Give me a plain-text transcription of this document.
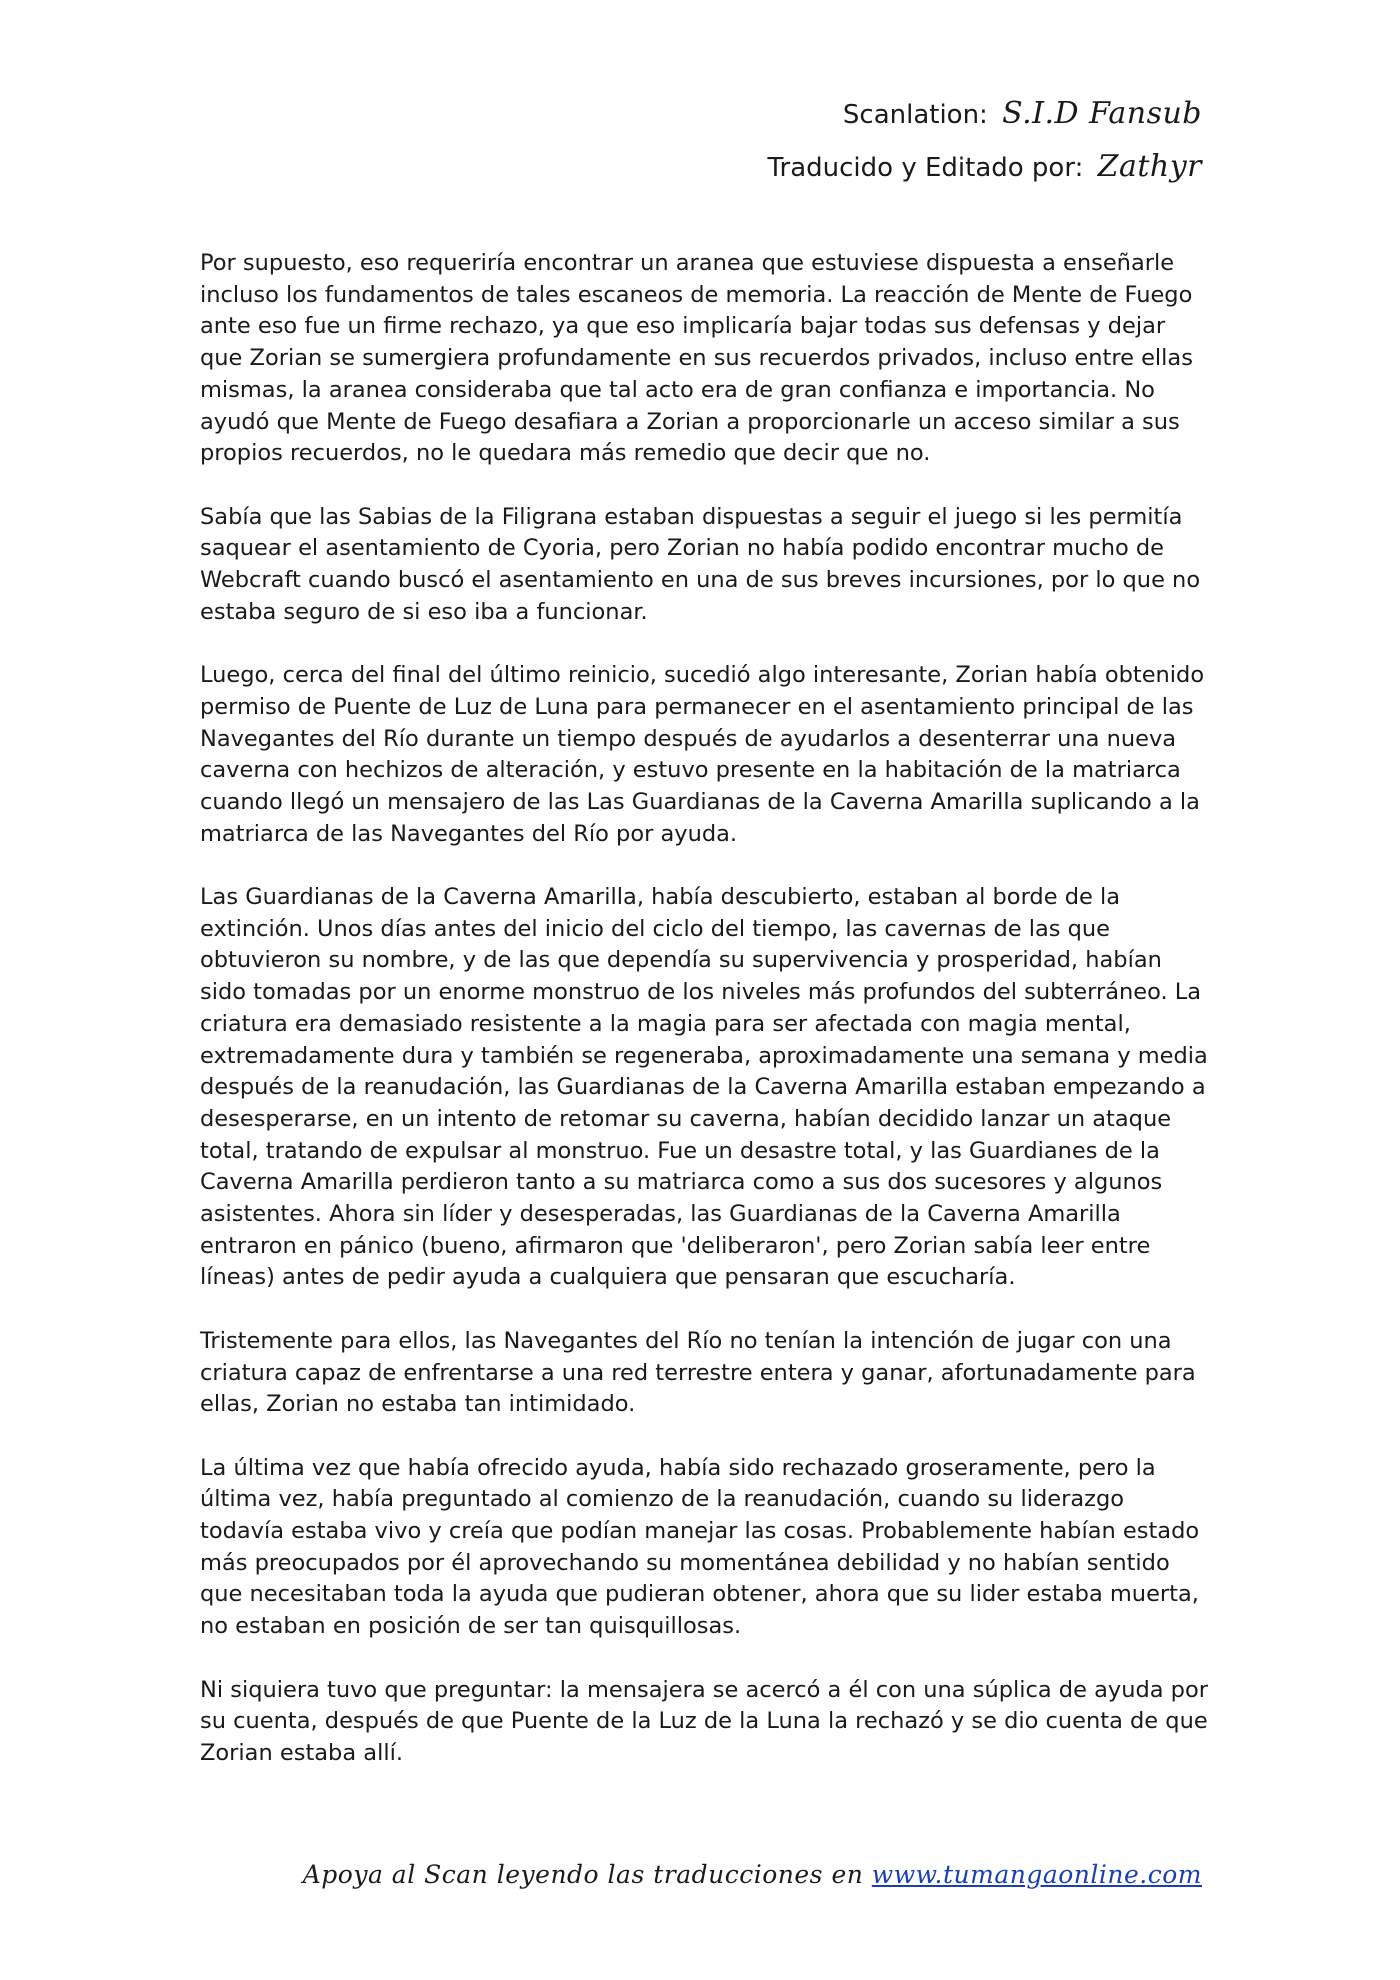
Scanlation: S.I.D Fansub
Traducido y Editado por: Zathyr

Por supuesto, eso requeriría encontrar un aranea que estuviese dispuesta a enseñarle incluso los fundamentos de tales escaneos de memoria. La reacción de Mente de Fuego ante eso fue un firme rechazo, ya que eso implicaría bajar todas sus defensas y dejar que Zorian se sumergiera profundamente en sus recuerdos privados, incluso entre ellas mismas, la aranea consideraba que tal acto era de gran confianza e importancia. No ayudó que Mente de Fuego desafiara a Zorian a proporcionarle un acceso similar a sus propios recuerdos, no le quedara más remedio que decir que no.

Sabía que las Sabias de la Filigrana estaban dispuestas a seguir el juego si les permitía saquear el asentamiento de Cyoria, pero Zorian no había podido encontrar mucho de Webcraft cuando buscó el asentamiento en una de sus breves incursiones, por lo que no estaba seguro de si eso iba a funcionar.

Luego, cerca del final del último reinicio, sucedió algo interesante, Zorian había obtenido permiso de Puente de Luz de Luna para permanecer en el asentamiento principal de las Navegantes del Río durante un tiempo después de ayudarlos a desenterrar una nueva caverna con hechizos de alteración, y estuvo presente en la habitación de la matriarca cuando llegó un mensajero de las Las Guardianas de la Caverna Amarilla suplicando a la matriarca de las Navegantes del Río por ayuda.

Las Guardianas de la Caverna Amarilla, había descubierto, estaban al borde de la extinción. Unos días antes del inicio del ciclo del tiempo, las cavernas de las que obtuvieron su nombre, y de las que dependía su supervivencia y prosperidad, habían sido tomadas por un enorme monstruo de los niveles más profundos del subterráneo. La criatura era demasiado resistente a la magia para ser afectada con magia mental, extremadamente dura y también se regeneraba, aproximadamente una semana y media después de la reanudación, las Guardianas de la Caverna Amarilla estaban empezando a desesperarse, en un intento de retomar su caverna, habían decidido lanzar un ataque total, tratando de expulsar al monstruo. Fue un desastre total, y las Guardianes de la Caverna Amarilla perdieron tanto a su matriarca como a sus dos sucesores y algunos asistentes. Ahora sin líder y desesperadas, las Guardianas de la Caverna Amarilla entraron en pánico (bueno, afirmaron que 'deliberaron', pero Zorian sabía leer entre líneas) antes de pedir ayuda a cualquiera que pensaran que escucharía.

Tristemente para ellos, las Navegantes del Río no tenían la intención de jugar con una criatura capaz de enfrentarse a una red terrestre entera y ganar, afortunadamente para ellas, Zorian no estaba tan intimidado.

La última vez que había ofrecido ayuda, había sido rechazado groseramente, pero la última vez, había preguntado al comienzo de la reanudación, cuando su liderazgo todavía estaba vivo y creía que podían manejar las cosas. Probablemente habían estado más preocupados por él aprovechando su momentánea debilidad y no habían sentido que necesitaban toda la ayuda que pudieran obtener, ahora que su lider estaba muerta, no estaban en posición de ser tan quisquillosas.

Ni siquiera tuvo que preguntar: la mensajera se acercó a él con una súplica de ayuda por su cuenta, después de que Puente de la Luz de la Luna la rechazó y se dio cuenta de que Zorian estaba allí.

Apoya al Scan leyendo las traducciones en www.tumangaonline.com
